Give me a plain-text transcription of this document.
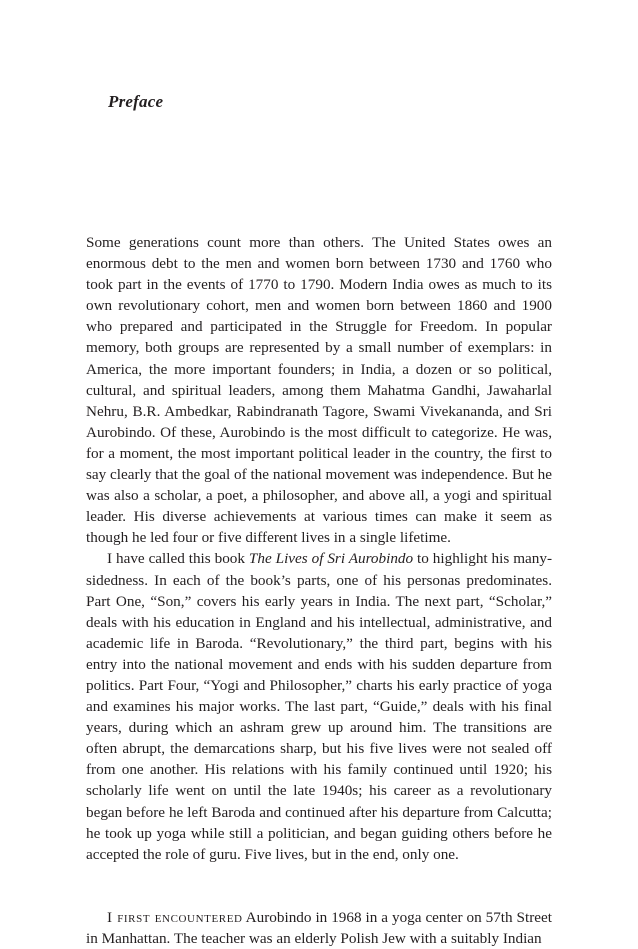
Preface

Some generations count more than others. The United States owes an enormous debt to the men and women born between 1730 and 1760 who took part in the events of 1770 to 1790. Modern India owes as much to its own revolutionary cohort, men and women born between 1860 and 1900 who prepared and participated in the Struggle for Freedom. In popular memory, both groups are represented by a small number of exemplars: in America, the more important founders; in India, a dozen or so political, cultural, and spiritual leaders, among them Mahatma Gandhi, Jawaharlal Nehru, B.R. Ambedkar, Rabindranath Tagore, Swami Vivekananda, and Sri Aurobindo. Of these, Aurobindo is the most difficult to categorize. He was, for a moment, the most important political leader in the country, the first to say clearly that the goal of the national movement was independence. But he was also a scholar, a poet, a philosopher, and above all, a yogi and spiritual leader. His diverse achievements at various times can make it seem as though he led four or five different lives in a single lifetime.

I have called this book The Lives of Sri Aurobindo to highlight his many-sidedness. In each of the book’s parts, one of his personas predominates. Part One, “Son,” covers his early years in India. The next part, “Scholar,” deals with his education in England and his intellectual, administrative, and academic life in Baroda. “Revolutionary,” the third part, begins with his entry into the national movement and ends with his sudden departure from politics. Part Four, “Yogi and Philosopher,” charts his early practice of yoga and examines his major works. The last part, “Guide,” deals with his final years, during which an ashram grew up around him. The transitions are often abrupt, the demarcations sharp, but his five lives were not sealed off from one another. His relations with his family continued until 1920; his scholarly life went on until the late 1940s; his career as a revolutionary began before he left Baroda and continued after his departure from Calcutta; he took up yoga while still a politician, and began guiding others before he accepted the role of guru. Five lives, but in the end, only one.

I first encountered Aurobindo in 1968 in a yoga center on 57th Street in Manhattan. The teacher was an elderly Polish Jew with a suitably Indian
